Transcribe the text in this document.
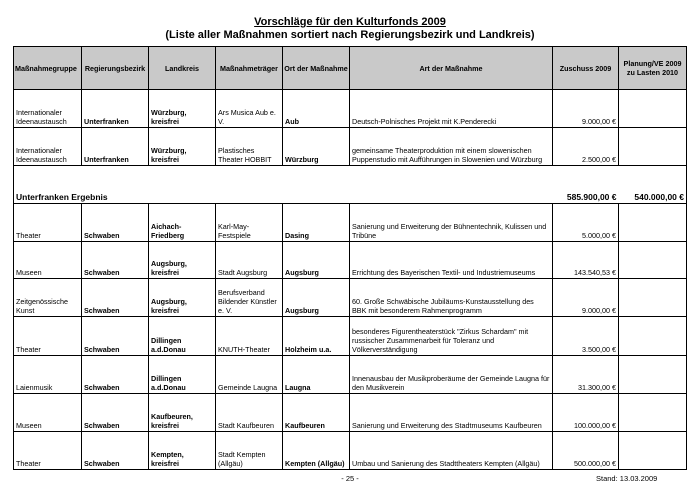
Vorschläge für den Kulturfonds 2009
(Liste aller Maßnahmen sortiert nach Regierungsbezirk und Landkreis)
Maßnahmegruppe	Regierungsbezirk	Landkreis	Maßnahmeträger	Ort der Maßnahme	Art der Maßnahme	Zuschuss 2009	Planung/VE 2009 zu Lasten 2010
Internationaler Ideenaustausch	Unterfranken	Würzburg, kreisfrei	Ars Musica Aub e. V.	Aub	Deutsch-Polnisches Projekt mit K.Penderecki	9.000,00 €	
Internationaler Ideenaustausch	Unterfranken	Würzburg, kreisfrei	Plastisches Theater HOBBIT	Würzburg	gemeinsame Theaterproduktion mit einem slowenischen Puppenstudio mit Aufführungen in Slowenien und Würzburg	2.500,00 €	
Unterfranken Ergebnis						585.900,00 €	540.000,00 €
Theater	Schwaben	Aichach-Friedberg	Karl-May-Festspiele	Dasing	Sanierung und Erweiterung der Bühnentechnik, Kulissen und Tribüne	5.000,00 €	
Museen	Schwaben	Augsburg, kreisfrei	Stadt Augsburg	Augsburg	Errichtung des Bayerischen Textil- und Industriemuseums	143.540,53 €	
Zeitgenössische Kunst	Schwaben	Augsburg, kreisfrei	Berufsverband Bildender Künstler e. V.	Augsburg	60. Große Schwäbische Jubiläums-Kunstausstellung des BBK mit besonderem Rahmenprogramm	9.000,00 €	
Theater	Schwaben	Dillingen a.d.Donau	KNUTH-Theater	Holzheim u.a.	besonderes Figurentheaterstück "Zirkus Schardam" mit russischer Zusammenarbeit für Toleranz und Völkerverständigung	3.500,00 €	
Laienmusik	Schwaben	Dillingen a.d.Donau	Gemeinde Laugna	Laugna	Innenausbau der Musikproberäume der Gemeinde Laugna für den Musikverein	31.300,00 €	
Museen	Schwaben	Kaufbeuren, kreisfrei	Stadt Kaufbeuren	Kaufbeuren	Sanierung und Erweiterung des Stadtmuseums Kaufbeuren	100.000,00 €	
Theater	Schwaben	Kempten, kreisfrei	Stadt Kempten (Allgäu)	Kempten (Allgäu)	Umbau und Sanierung des Stadttheaters Kempten (Allgäu)	500.000,00 €	
- 25 -	Stand: 13.03.2009
